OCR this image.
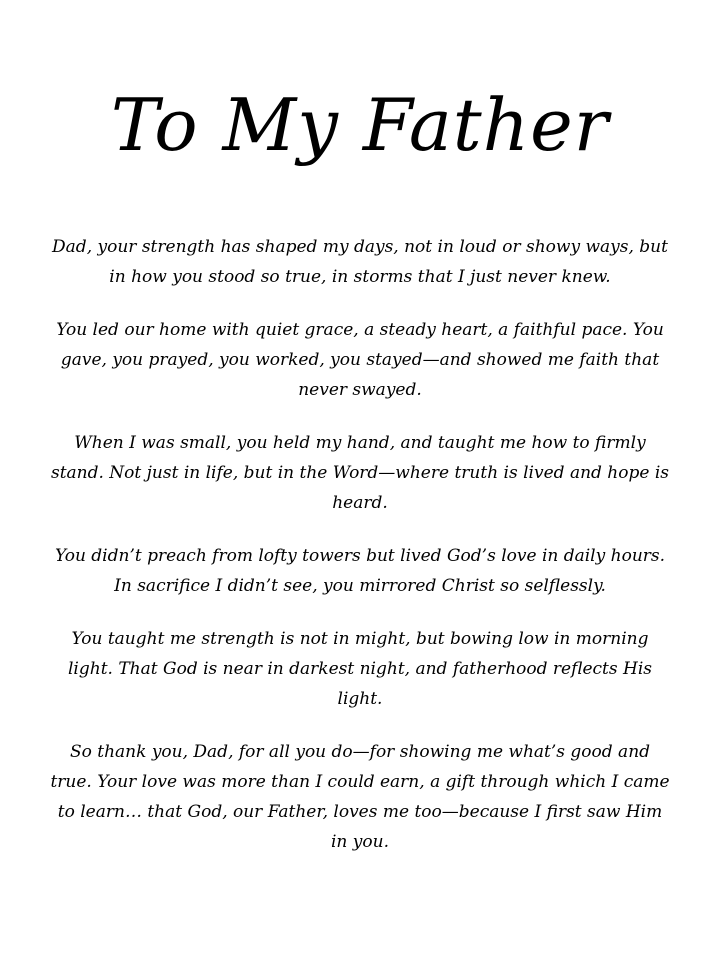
To My Father

Dad, your strength has shaped my days, not in loud or showy ways, but in how you stood so true, in storms that I just never knew.

You led our home with quiet grace, a steady heart, a faithful pace. You gave, you prayed, you worked, you stayed—and showed me faith that never swayed.

When I was small, you held my hand, and taught me how to firmly stand. Not just in life, but in the Word—where truth is lived and hope is heard.

You didn’t preach from lofty towers but lived God’s love in daily hours. In sacrifice I didn’t see, you mirrored Christ so selflessly.

You taught me strength is not in might, but bowing low in morning light. That God is near in darkest night, and fatherhood reflects His light.

So thank you, Dad, for all you do—for showing me what’s good and true. Your love was more than I could earn, a gift through which I came to learn… that God, our Father, loves me too—because I first saw Him in you.
